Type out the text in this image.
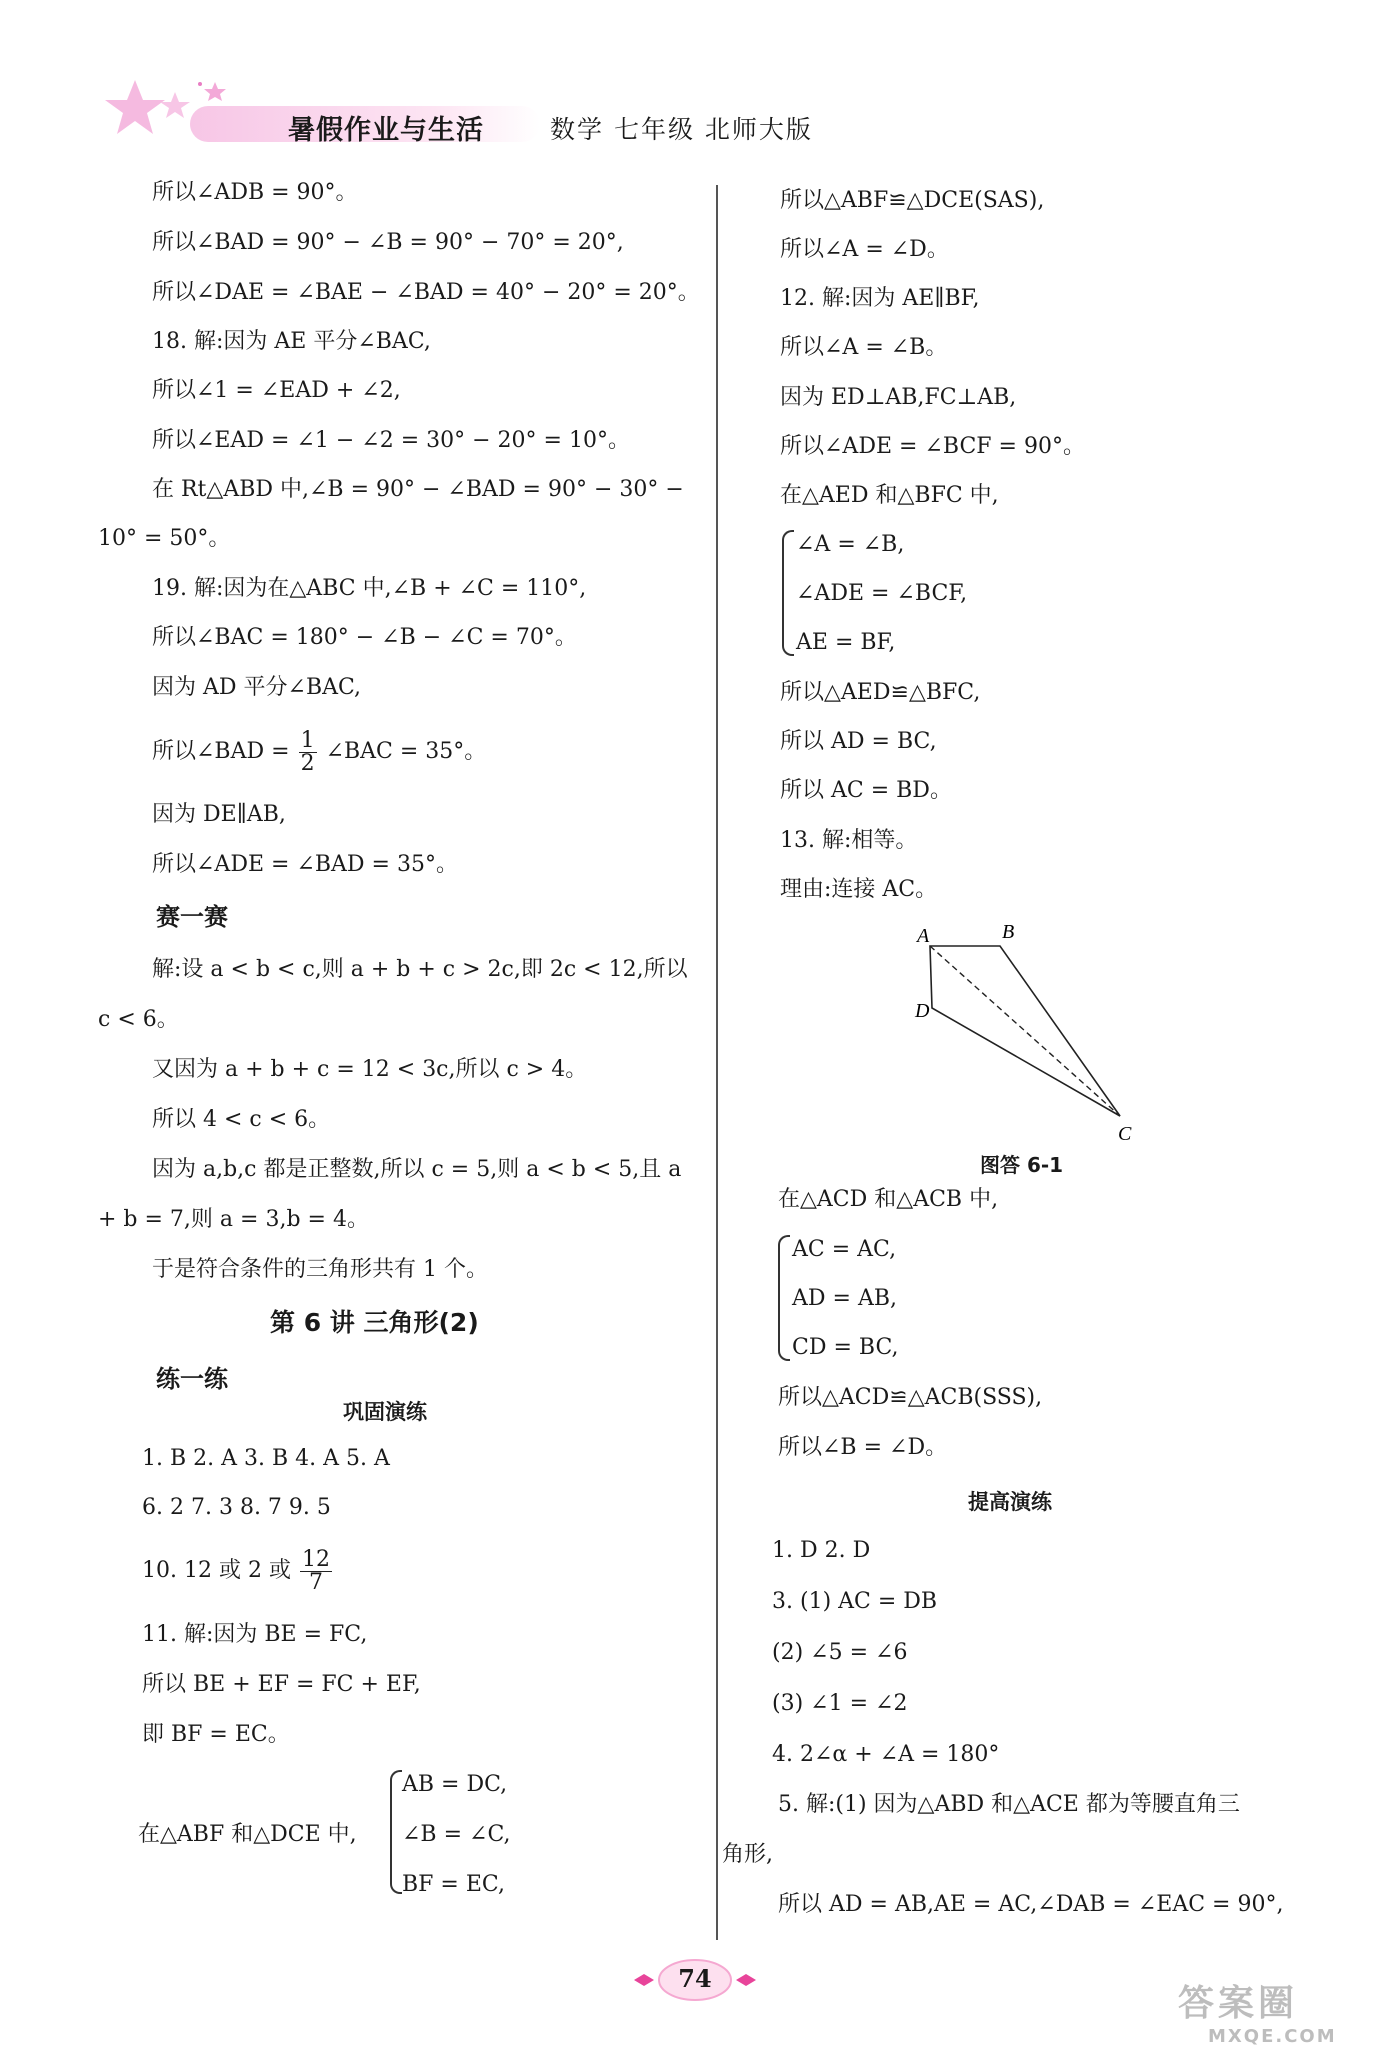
暑假作业与生活	数学 七年级 北师大版
所以∠ADB = 90°。
所以∠BAD = 90° − ∠B = 90° − 70° = 20°,
所以∠DAE = ∠BAE − ∠BAD = 40° − 20° = 20°。
18. 解:因为 AE 平分∠BAC,
所以∠1 = ∠EAD + ∠2,
所以∠EAD = ∠1 − ∠2 = 30° − 20° = 10°。
在 Rt△ABD 中,∠B = 90° − ∠BAD = 90° − 30° −
10° = 50°。
19. 解:因为在△ABC 中,∠B + ∠C = 110°,
所以∠BAC = 180° − ∠B − ∠C = 70°。
因为 AD 平分∠BAC,
所以∠BAD = $\frac{1}{2}$ ∠BAC = 35°。
因为 DE∥AB,
所以∠ADE = ∠BAD = 35°。
赛一赛
解:设 a < b < c,则 a + b + c > 2c,即 2c < 12,所以
c < 6。
又因为 a + b + c = 12 < 3c,所以 c > 4。
所以 4 < c < 6。
因为 a,b,c 都是正整数,所以 c = 5,则 a < b < 5,且 a
+ b = 7,则 a = 3,b = 4。
于是符合条件的三角形共有 1 个。
第 6 讲 三角形(2)
练一练
巩固演练
1. B 2. A 3. B 4. A 5. A
6. 2 7. 3 8. 7 9. 5
10. 12 或 2 或 $\frac{12}{7}$
11. 解:因为 BE = FC,
所以 BE + EF = FC + EF,
即 BF = EC。
在△ABF 和△DCE 中,
AB = DC,
∠B = ∠C,
BF = EC,
所以△ABF≌△DCE(SAS),
所以∠A = ∠D。
12. 解:因为 AE∥BF,
所以∠A = ∠B。
因为 ED⊥AB,FC⊥AB,
所以∠ADE = ∠BCF = 90°。
在△AED 和△BFC 中,
∠A = ∠B,
∠ADE = ∠BCF,
AE = BF,
所以△AED≌△BFC,
所以 AD = BC,
所以 AC = BD。
13. 解:相等。
理由:连接 AC。
A	B
D
C
图答 6-1
在△ACD 和△ACB 中,
AC = AC,
AD = AB,
CD = BC,
所以△ACD≌△ACB(SSS),
所以∠B = ∠D。
提高演练
1. D 2. D
3. (1) AC = DB
(2) ∠5 = ∠6
(3) ∠1 = ∠2
4. 2∠α + ∠A = 180°
5. 解:(1) 因为△ABD 和△ACE 都为等腰直角三
角形,
所以 AD = AB,AE = AC,∠DAB = ∠EAC = 90°,
74
答案圈
MXQE.COM
